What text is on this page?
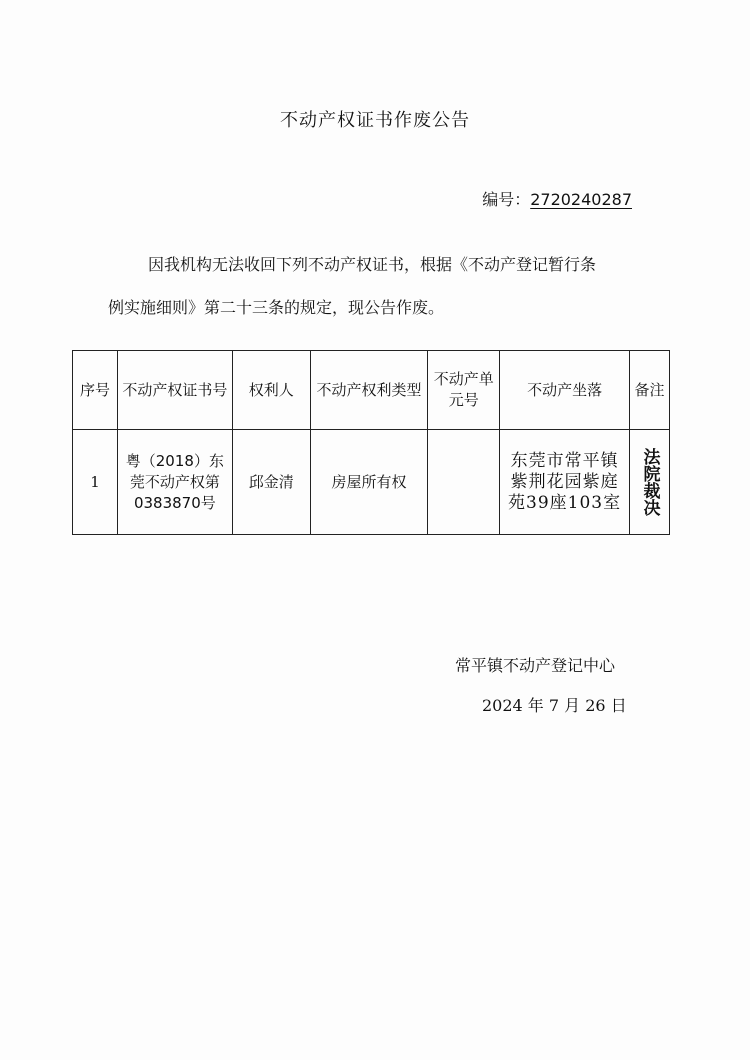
不动产权证书作废公告
编号：2720240287
因我机构无法收回下列不动产权证书，根据《不动产登记暂行条
例实施细则》第二十三条的规定，现公告作废。
序号	不动产权证书号	权利人	不动产权利类型	不动产单元号	不动产坐落	备注
1	粤（2018）东莞不动产权第0383870号	邱金清	房屋所有权		东莞市常平镇紫荆花园紫庭苑39座103室	法院裁决
常平镇不动产登记中心
2024 年 7 月 26 日
